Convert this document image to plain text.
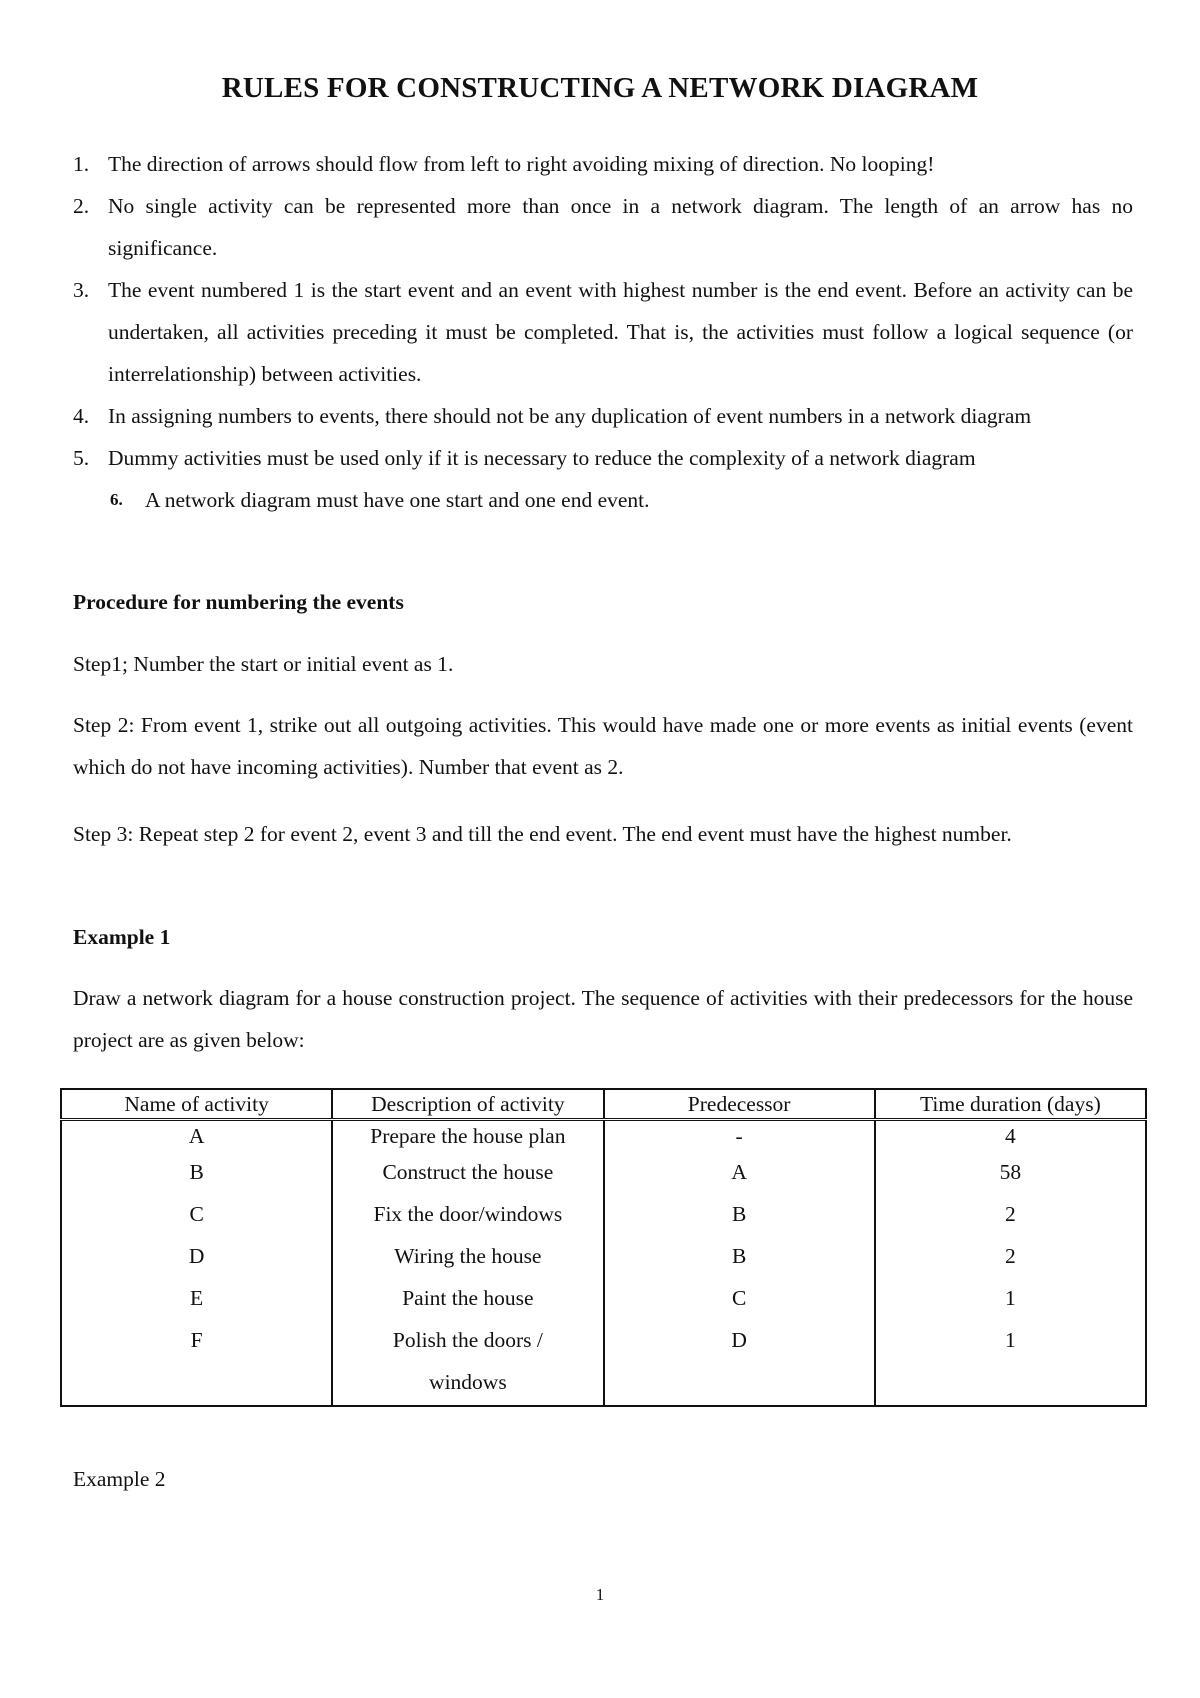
RULES FOR CONSTRUCTING A NETWORK DIAGRAM
1. The direction of arrows should flow from left to right avoiding mixing of direction. No looping!
2. No single activity can be represented more than once in a network diagram. The length of an arrow has no significance.
3. The event numbered 1 is the start event and an event with highest number is the end event. Before an activity can be undertaken, all activities preceding it must be completed. That is, the activities must follow a logical sequence (or interrelationship) between activities.
4. In assigning numbers to events, there should not be any duplication of event numbers in a network diagram
5. Dummy activities must be used only if it is necessary to reduce the complexity of a network diagram
6. A network diagram must have one start and one end event.
Procedure for numbering the events
Step1; Number the start or initial event as 1.

Step 2: From event 1, strike out all outgoing activities. This would have made one or more events as initial events (event which do not have incoming activities). Number that event as 2.

Step 3: Repeat step 2 for event 2, event 3 and till the end event. The end event must have the highest number.

Example 1

Draw a network diagram for a house construction project. The sequence of activities with their predecessors for the house project are as given below:

Name of activity	Description of activity	Predecessor	Time duration (days)
A	Prepare the house plan	-	4
B	Construct the house	A	58
C	Fix the door/windows	B	2
D	Wiring the house	B	2
E	Paint the house	C	1
F	Polish the doors / windows	D	1
Example 2
1
